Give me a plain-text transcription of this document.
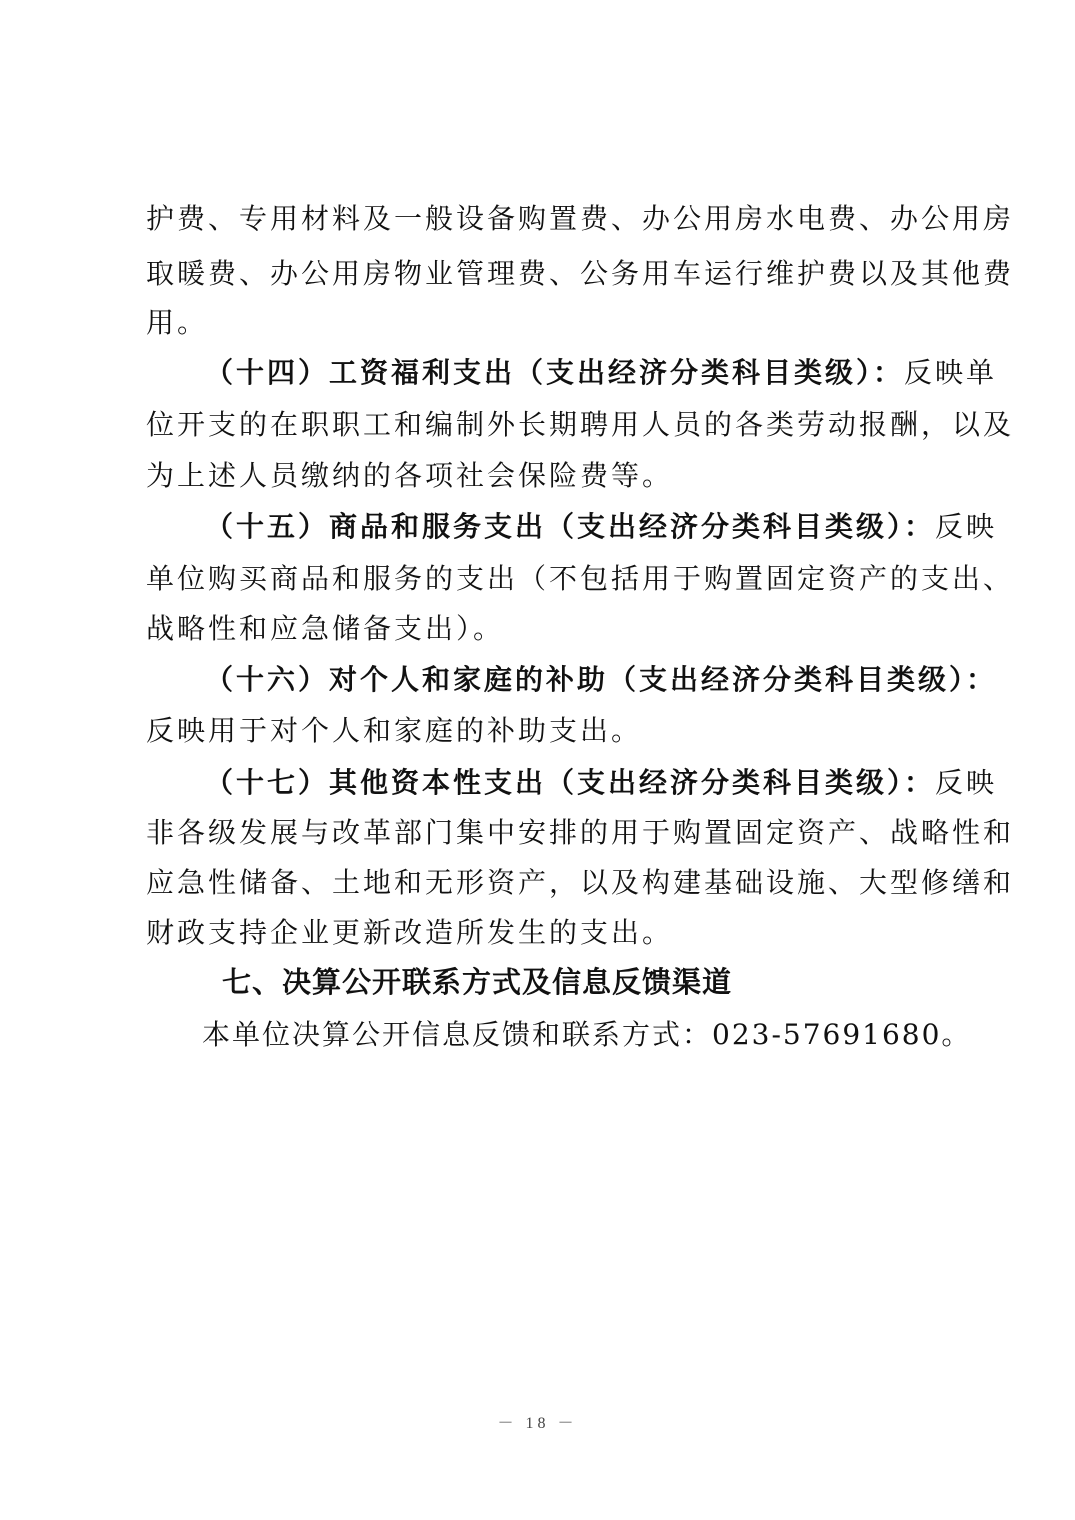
护费、专用材料及一般设备购置费、办公用房水电费、办公用房
取暖费、办公用房物业管理费、公务用车运行维护费以及其他费
用。
（十四）工资福利支出（支出经济分类科目类级）：反映单
位开支的在职职工和编制外长期聘用人员的各类劳动报酬，以及
为上述人员缴纳的各项社会保险费等。
（十五）商品和服务支出（支出经济分类科目类级）：反映
单位购买商品和服务的支出（不包括用于购置固定资产的支出、
战略性和应急储备支出）。
（十六）对个人和家庭的补助（支出经济分类科目类级）：
反映用于对个人和家庭的补助支出。
（十七）其他资本性支出（支出经济分类科目类级）：反映
非各级发展与改革部门集中安排的用于购置固定资产、战略性和
应急性储备、土地和无形资产，以及构建基础设施、大型修缮和
财政支持企业更新改造所发生的支出。
七、决算公开联系方式及信息反馈渠道
本单位决算公开信息反馈和联系方式：023-57691680。
－ 18 －
